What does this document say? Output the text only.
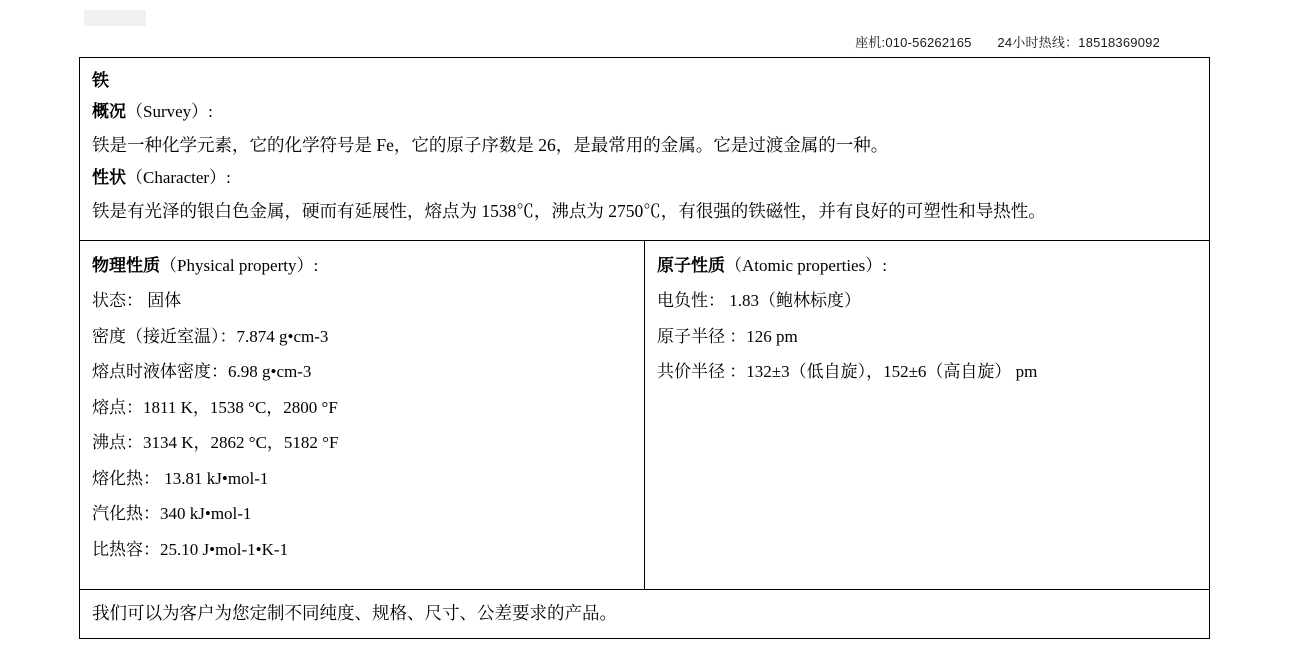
座机:010-56262165 24小时热线：18518369092
铁
概况（Survey）:
铁是一种化学元素，它的化学符号是 Fe，它的原子序数是 26，是最常用的金属。它是过渡金属的一种。
性状（Character）:
铁是有光泽的银白色金属，硬而有延展性，熔点为 1538℃，沸点为 2750℃，有很强的铁磁性，并有良好的可塑性和导热性。

物理性质（Physical property）:
状态： 固体
密度（接近室温）：7.874 g•cm-3
熔点时液体密度：6.98 g•cm-3
熔点：1811 K，1538 °C，2800 °F
沸点：3134 K，2862 °C，5182 °F
熔化热： 13.81 kJ•mol-1
汽化热：340 kJ•mol-1
比热容：25.10 J•mol-1•K-1

原子性质（Atomic properties）:
电负性： 1.83（鲍林标度）
原子半径 ：126 pm
共价半径 ：132±3（低自旋），152±6（高自旋） pm

我们可以为客户为您定制不同纯度、规格、尺寸、公差要求的产品。
